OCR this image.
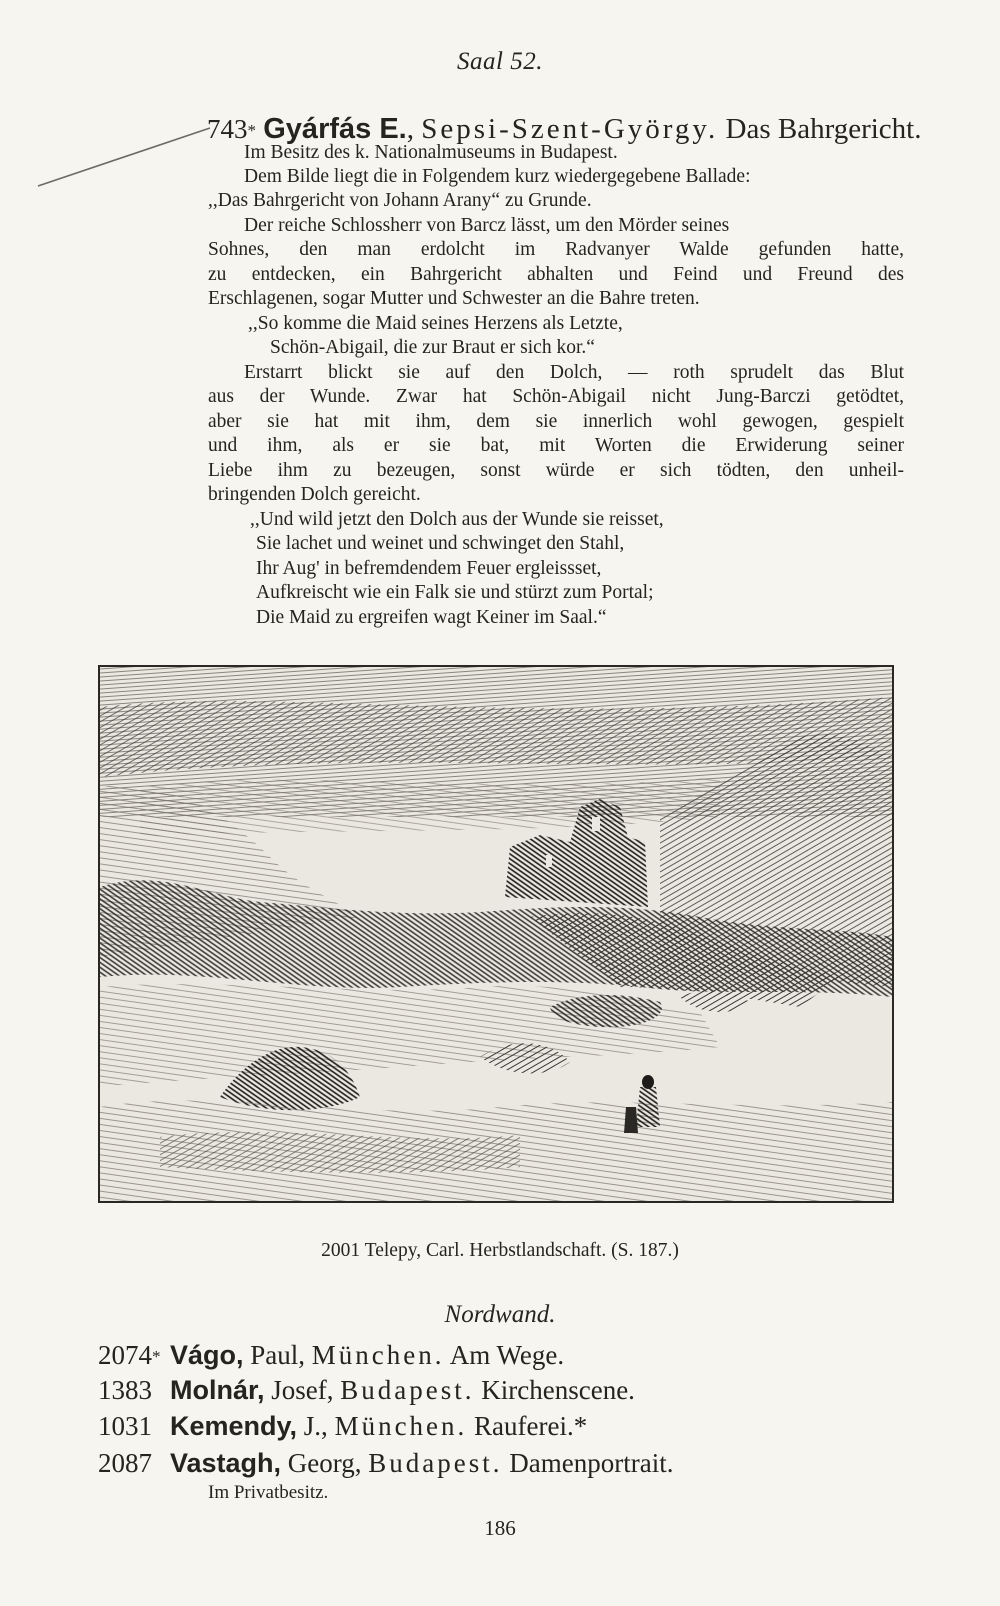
Saal 52.
743* Gyárfás E., Sepsi-Szent-György. Das Bahrgericht.
Im Besitz des k. Nationalmuseums in Budapest.
Dem Bilde liegt die in Folgendem kurz wiedergegebene Ballade:
,,Das Bahrgericht von Johann Arany“ zu Grunde.
Der reiche Schlossherr von Barcz lässt, um den Mörder seines
Sohnes, den man erdolcht im Radvanyer Walde gefunden hatte,
zu entdecken, ein Bahrgericht abhalten und Feind und Freund des
Erschlagenen, sogar Mutter und Schwester an die Bahre treten.
,,So komme die Maid seines Herzens als Letzte,
Schön-Abigail, die zur Braut er sich kor.“
Erstarrt blickt sie auf den Dolch, — roth sprudelt das Blut
aus der Wunde. Zwar hat Schön-Abigail nicht Jung-Barczi getödtet,
aber sie hat mit ihm, dem sie innerlich wohl gewogen, gespielt
und ihm, als er sie bat, mit Worten die Erwiderung seiner
Liebe ihm zu bezeugen, sonst würde er sich tödten, den unheil-
bringenden Dolch gereicht.
,,Und wild jetzt den Dolch aus der Wunde sie reisset,
Sie lachet und weinet und schwinget den Stahl,
Ihr Aug' in befremdendem Feuer ergleissset,
Aufkreischt wie ein Falk sie und stürzt zum Portal;
Die Maid zu ergreifen wagt Keiner im Saal.“
2001 Telepy, Carl. Herbstlandschaft. (S. 187.)
Nordwand.
2074* Vágo, Paul, München. Am Wege.
1383 Molnár, Josef, Budapest. Kirchenscene.
1031 Kemendy, J., München. Rauferei.*
2087 Vastagh, Georg, Budapest. Damenportrait.
Im Privatbesitz.
186
